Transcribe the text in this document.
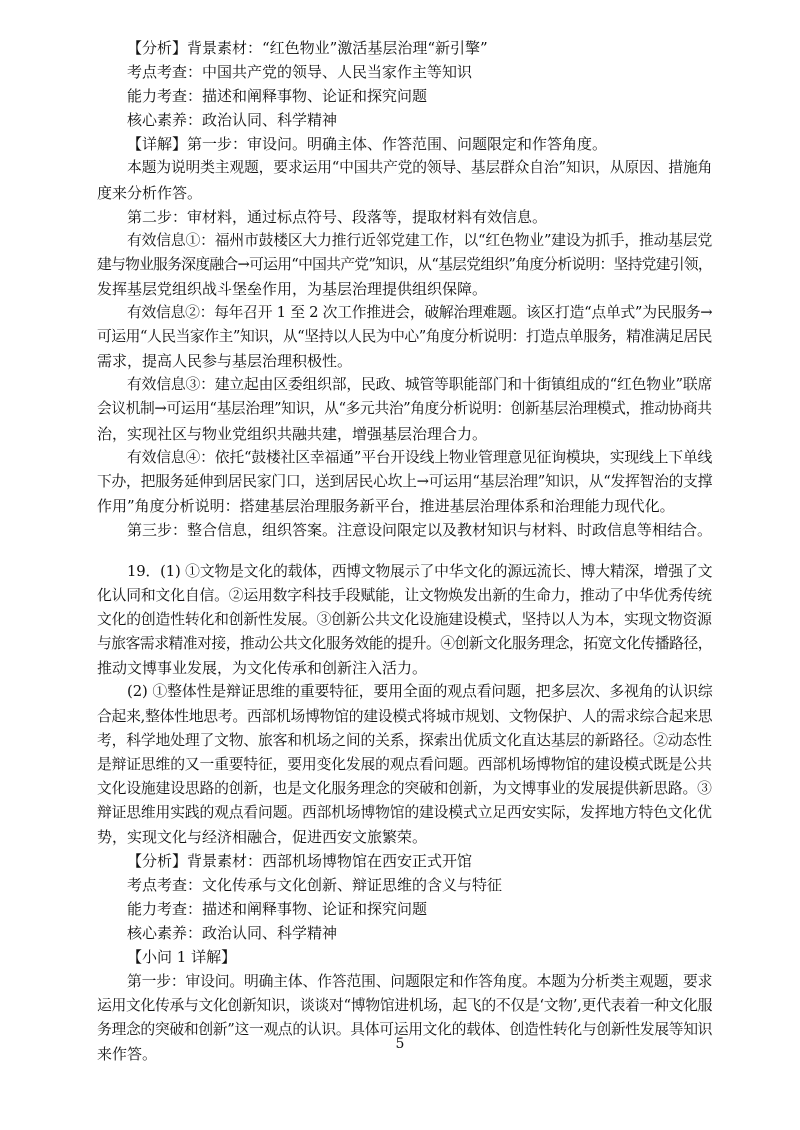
【分析】背景素材：“红色物业”激活基层治理“新引擎”

考点考查：中国共产党的领导、人民当家作主等知识

能力考查：描述和阐释事物、论证和探究问题

核心素养：政治认同、科学精神

【详解】第一步：审设问。明确主体、作答范围、问题限定和作答角度。

本题为说明类主观题，要求运用“中国共产党的领导、基层群众自治”知识，从原因、措施角

度来分析作答。

第二步：审材料，通过标点符号、段落等，提取材料有效信息。

有效信息①：福州市鼓楼区大力推行近邻党建工作，以“红色物业”建设为抓手，推动基层党

建与物业服务深度融合→可运用“中国共产党”知识，从“基层党组织”角度分析说明：坚持党建引领，

发挥基层党组织战斗堡垒作用，为基层治理提供组织保障。

有效信息②：每年召开 1 至 2 次工作推进会，破解治理难题。该区打造“点单式”为民服务→

可运用“人民当家作主”知识，从“坚持以人民为中心”角度分析说明：打造点单服务，精准满足居民

需求，提高人民参与基层治理积极性。

有效信息③：建立起由区委组织部，民政、城管等职能部门和十街镇组成的“红色物业”联席

会议机制→可运用“基层治理”知识，从“多元共治”角度分析说明：创新基层治理模式，推动协商共

治，实现社区与物业党组织共融共建，增强基层治理合力。

有效信息④：依托“鼓楼社区幸福通”平台开设线上物业管理意见征询模块，实现线上下单线

下办，把服务延伸到居民家门口，送到居民心坎上→可运用“基层治理”知识，从“发挥智治的支撑

作用”角度分析说明：搭建基层治理服务新平台，推进基层治理体系和治理能力现代化。

第三步：整合信息，组织答案。注意设问限定以及教材知识与材料、时政信息等相结合。

19．(1) ①文物是文化的载体，西博文物展示了中华文化的源远流长、博大精深，增强了文

化认同和文化自信。②运用数字科技手段赋能，让文物焕发出新的生命力，推动了中华优秀传统

文化的创造性转化和创新性发展。③创新公共文化设施建设模式，坚持以人为本，实现文物资源

与旅客需求精准对接，推动公共文化服务效能的提升。④创新文化服务理念，拓宽文化传播路径，

推动文博事业发展，为文化传承和创新注入活力。

(2) ①整体性是辩证思维的重要特征，要用全面的观点看问题，把多层次、多视角的认识综

合起来,整体性地思考。西部机场博物馆的建设模式将城市规划、文物保护、人的需求综合起来思

考，科学地处理了文物、旅客和机场之间的关系，探索出优质文化直达基层的新路径。②动态性

是辩证思维的又一重要特征，要用变化发展的观点看问题。西部机场博物馆的建设模式既是公共

文化设施建设思路的创新，也是文化服务理念的突破和创新，为文博事业的发展提供新思路。③

辩证思维用实践的观点看问题。西部机场博物馆的建设模式立足西安实际，发挥地方特色文化优

势，实现文化与经济相融合，促进西安文旅繁荣。

【分析】背景素材：西部机场博物馆在西安正式开馆

考点考查：文化传承与文化创新、辩证思维的含义与特征

能力考查：描述和阐释事物、论证和探究问题

核心素养：政治认同、科学精神

【小问 1 详解】

第一步：审设问。明确主体、作答范围、问题限定和作答角度。本题为分析类主观题，要求

运用文化传承与文化创新知识，谈谈对“博物馆进机场，起飞的不仅是‘文物’,更代表着一种文化服

务理念的突破和创新”这一观点的认识。具体可运用文化的载体、创造性转化与创新性发展等知识

来作答。

5
